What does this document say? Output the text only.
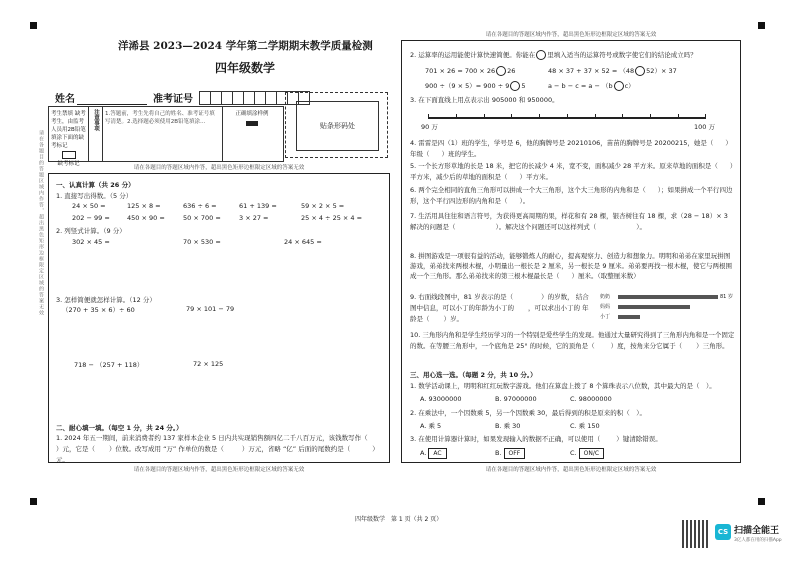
洋浠县 2023—2024 学年第二学期期末教学质量检测
四年级数学
姓名	准考证号
考生禁填 缺考考生，由监考人员用2B铅笔填涂下面的缺考标记
缺考标记
注意事项	1.答题前，考生先将自己的姓名、准考证号填写清楚。2.选择题必须使用2B铅笔填涂…
正确填涂样例
贴条形码处
请在各题目的答题区域内作答，超出黑色矩形边框限定区域的答案无效	请在各题目的答题区域内作答，超出黑色矩形边框限定区域的答案无效
请在各题目的答题区域内作答，超出黑色矩形边框限定区域的答案无效
一、认真计算（共 26 分）
1. 直接写出得数。（5 分）
24 × 50 =	125 × 8 =	636 ÷ 6 =	61 + 139 =	59 × 2 × 5 =
202 − 99 =	450 × 90 =	50 × 700 =	3 × 27 =	25 × 4 ÷ 25 × 4 =
2. 列竖式计算。（9 分）
302 × 45 =	70 × 530 =	24 × 645 =
3. 怎样简便就怎样计算。（12 分）
（270 + 35 × 6）÷ 60	79 × 101 − 79
718 − （257 + 118）	72 × 125
二、耐心填一填。（每空 1 分，共 24 分。）
1. 2024 年五一期间，前来消费者约 137 家样本企业 5 日内共实现销售额四亿二千八百万元，该钱数写作（）元，它是（ ）位数。改写成用 “万” 作单位的数是（	）万元，省略 “亿” 后面的尾数约是（	）元。
请在各题目的答题区域内作答，超出黑色矩形边框限定区域的答案无效
请在各题目的答题区域内作答，超出黑色矩形边框限定区域的答案无效
2. 运算率的运用能使计算快速简便。你能在 里填入适当的运算符号或数字使它们的结论成立吗？
701 × 26 = 700 × 26 26	48 × 37 + 37 × 52 = （48 52）× 37
900 ÷（9 × 5）= 900 ÷ 9 5	a − b − c = a − （b c）
3. 在下面直线上用点表示出 905000 和 950000。
90 万	100 万
4. 雷雷是四（1）班的学生，学号是 6，他的胸牌号是 20210106，苗苗的胸牌号是 20200215，她是（ ）年级（ ）班的学生。
5. 一个长方形草地的长是 18 米，把它的长减少 4 米，宽不变，面积减少 28 平方米。原来草地的面积是（ ）平方米，减少后的草地的面积是（ ）平方米。
6. 两个完全相同的直角三角形可以拼成一个大三角形，这个大三角形的内角和是（ ）；如果拼成一个平行四边形，这个平行四边形的内角和是（ ）。
7. 生活用具往往和语言符号，为获得更高周期的果，样花和有 28 棵，银杏树往有 18 棵，求（28 − 18）× 3 解决的问题是（	）。解决这个问题还可以这样列式（	）。
8. 拼图游戏是一项很有益的活动，能够锻炼人的耐心，提高观察力、创造力和想象力。明明和弟弟在家里玩拼图游戏，弟弟找来两根木棍，小明量出一根长是 2 厘米，另一根长是 9 厘米。弟弟要再找一根木棍，使它与两根围成一个三角形。那么弟弟找来的第三根木棍最长是（ ）厘米。（取整厘米数）
9. 右面线段图中，81 岁表示的是（	）的岁数， 结合图中信息，可以小丁的年龄为小丁的 ，可以求出小丁的 年龄是（ ）岁。
奶奶
妈妈
小丁
81 岁
10. 三角形内角和是学生经历学习的一个特别是爱些学生的发现。他通过大量研究得到了三角形内角和是一个固定的数。在等腰三角形中，一个底角是 25° 的时候，它的顶角是（ ）度，按角来分它属于（ ）三角形。
三、用心选一选。（每题 2 分，共 10 分。）
1. 数学活动课上，明明和红红玩数字游戏。他们在算盘上拨了 8 个算珠表示八位数，其中最大的是（　）。
A. 93000000	B. 97000000	C. 98000000
2. 在乘法中，一个因数乘 5，另一个因数乘 30，最后得到的积是原来的积（　）。
A. 乘 5	B. 乘 30	C. 乘 150
3. 在使用计算器计算时，如果发现输入的数据不正确，可以使用（ ）键清除错误。
A. AC	B. OFF	C. ON/C
四年级数学　第 1 页（共 2 页）
CS 扫描全能王
3亿人都在用的扫描App
